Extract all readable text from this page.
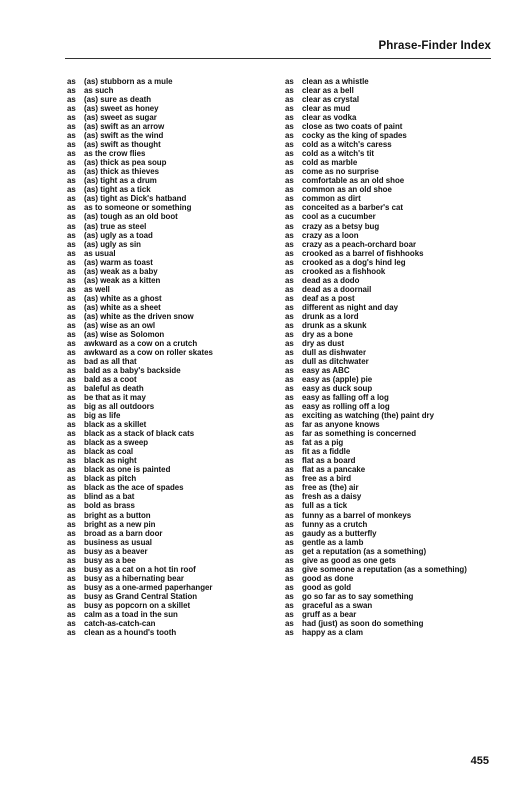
Phrase-Finder Index
as (as) stubborn as a mule
as as such
as (as) sure as death
as (as) sweet as honey
as (as) sweet as sugar
as (as) swift as an arrow
as (as) swift as the wind
as (as) swift as thought
as as the crow flies
as (as) thick as pea soup
as (as) thick as thieves
as (as) tight as a drum
as (as) tight as a tick
as (as) tight as Dick's hatband
as as to someone or something
as (as) tough as an old boot
as (as) true as steel
as (as) ugly as a toad
as (as) ugly as sin
as as usual
as (as) warm as toast
as (as) weak as a baby
as (as) weak as a kitten
as as well
as (as) white as a ghost
as (as) white as a sheet
as (as) white as the driven snow
as (as) wise as an owl
as (as) wise as Solomon
as awkward as a cow on a crutch
as awkward as a cow on roller skates
as bad as all that
as bald as a baby's backside
as bald as a coot
as baleful as death
as be that as it may
as big as all outdoors
as big as life
as black as a skillet
as black as a stack of black cats
as black as a sweep
as black as coal
as black as night
as black as one is painted
as black as pitch
as black as the ace of spades
as blind as a bat
as bold as brass
as bright as a button
as bright as a new pin
as broad as a barn door
as business as usual
as busy as a beaver
as busy as a bee
as busy as a cat on a hot tin roof
as busy as a hibernating bear
as busy as a one-armed paperhanger
as busy as Grand Central Station
as busy as popcorn on a skillet
as calm as a toad in the sun
as catch-as-catch-can
as clean as a hound's tooth
as clean as a whistle
as clear as a bell
as clear as crystal
as clear as mud
as clear as vodka
as close as two coats of paint
as cocky as the king of spades
as cold as a witch's caress
as cold as a witch's tit
as cold as marble
as come as no surprise
as comfortable as an old shoe
as common as an old shoe
as common as dirt
as conceited as a barber's cat
as cool as a cucumber
as crazy as a betsy bug
as crazy as a loon
as crazy as a peach-orchard boar
as crooked as a barrel of fishhooks
as crooked as a dog's hind leg
as crooked as a fishhook
as dead as a dodo
as dead as a doornail
as deaf as a post
as different as night and day
as drunk as a lord
as drunk as a skunk
as dry as a bone
as dry as dust
as dull as dishwater
as dull as ditchwater
as easy as ABC
as easy as (apple) pie
as easy as duck soup
as easy as falling off a log
as easy as rolling off a log
as exciting as watching (the) paint dry
as far as anyone knows
as far as something is concerned
as fat as a pig
as fit as a fiddle
as flat as a board
as flat as a pancake
as free as a bird
as free as (the) air
as fresh as a daisy
as full as a tick
as funny as a barrel of monkeys
as funny as a crutch
as gaudy as a butterfly
as gentle as a lamb
as get a reputation (as a something)
as give as good as one gets
as give someone a reputation (as a something)
as good as done
as good as gold
as go so far as to say something
as graceful as a swan
as gruff as a bear
as had (just) as soon do something
as happy as a clam
455
